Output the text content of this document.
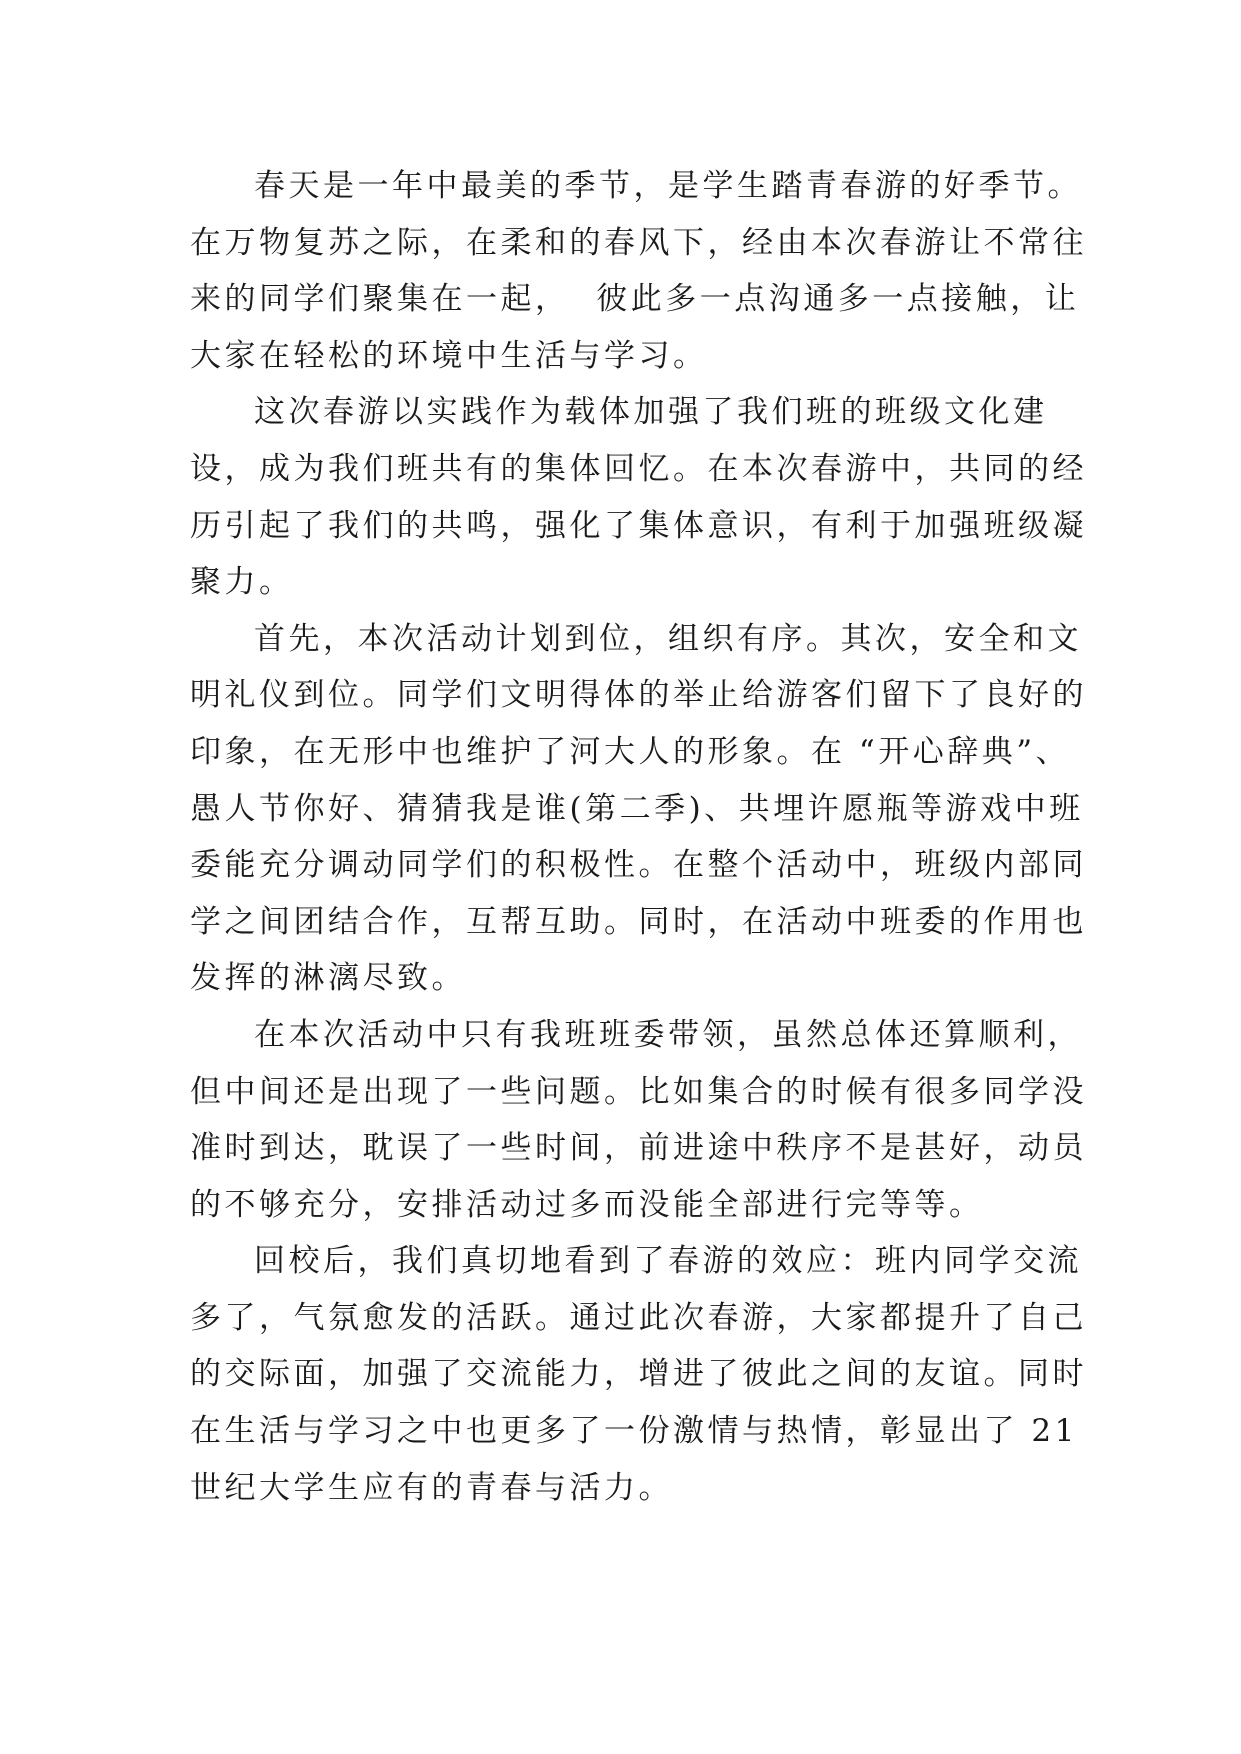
春天是一年中最美的季节，是学生踏青春游的好季节。
在万物复苏之际，在柔和的春风下，经由本次春游让不常往
来的同学们聚集在一起，  彼此多一点沟通多一点接触，让
大家在轻松的环境中生活与学习。
这次春游以实践作为载体加强了我们班的班级文化建
设，成为我们班共有的集体回忆。在本次春游中，共同的经
历引起了我们的共鸣，强化了集体意识，有利于加强班级凝
聚力。
首先，本次活动计划到位，组织有序。其次，安全和文
明礼仪到位。同学们文明得体的举止给游客们留下了良好的
印象，在无形中也维护了河大人的形象。在 “开心辞典”、
愚人节你好、猜猜我是谁(第二季)、共埋许愿瓶等游戏中班
委能充分调动同学们的积极性。在整个活动中，班级内部同
学之间团结合作，互帮互助。同时，在活动中班委的作用也
发挥的淋漓尽致。
在本次活动中只有我班班委带领，虽然总体还算顺利，
但中间还是出现了一些问题。比如集合的时候有很多同学没
准时到达，耽误了一些时间，前进途中秩序不是甚好，动员
的不够充分，安排活动过多而没能全部进行完等等。
回校后，我们真切地看到了春游的效应：班内同学交流
多了，气氛愈发的活跃。通过此次春游，大家都提升了自己
的交际面，加强了交流能力，增进了彼此之间的友谊。同时
在生活与学习之中也更多了一份激情与热情，彰显出了 21
世纪大学生应有的青春与活力。
